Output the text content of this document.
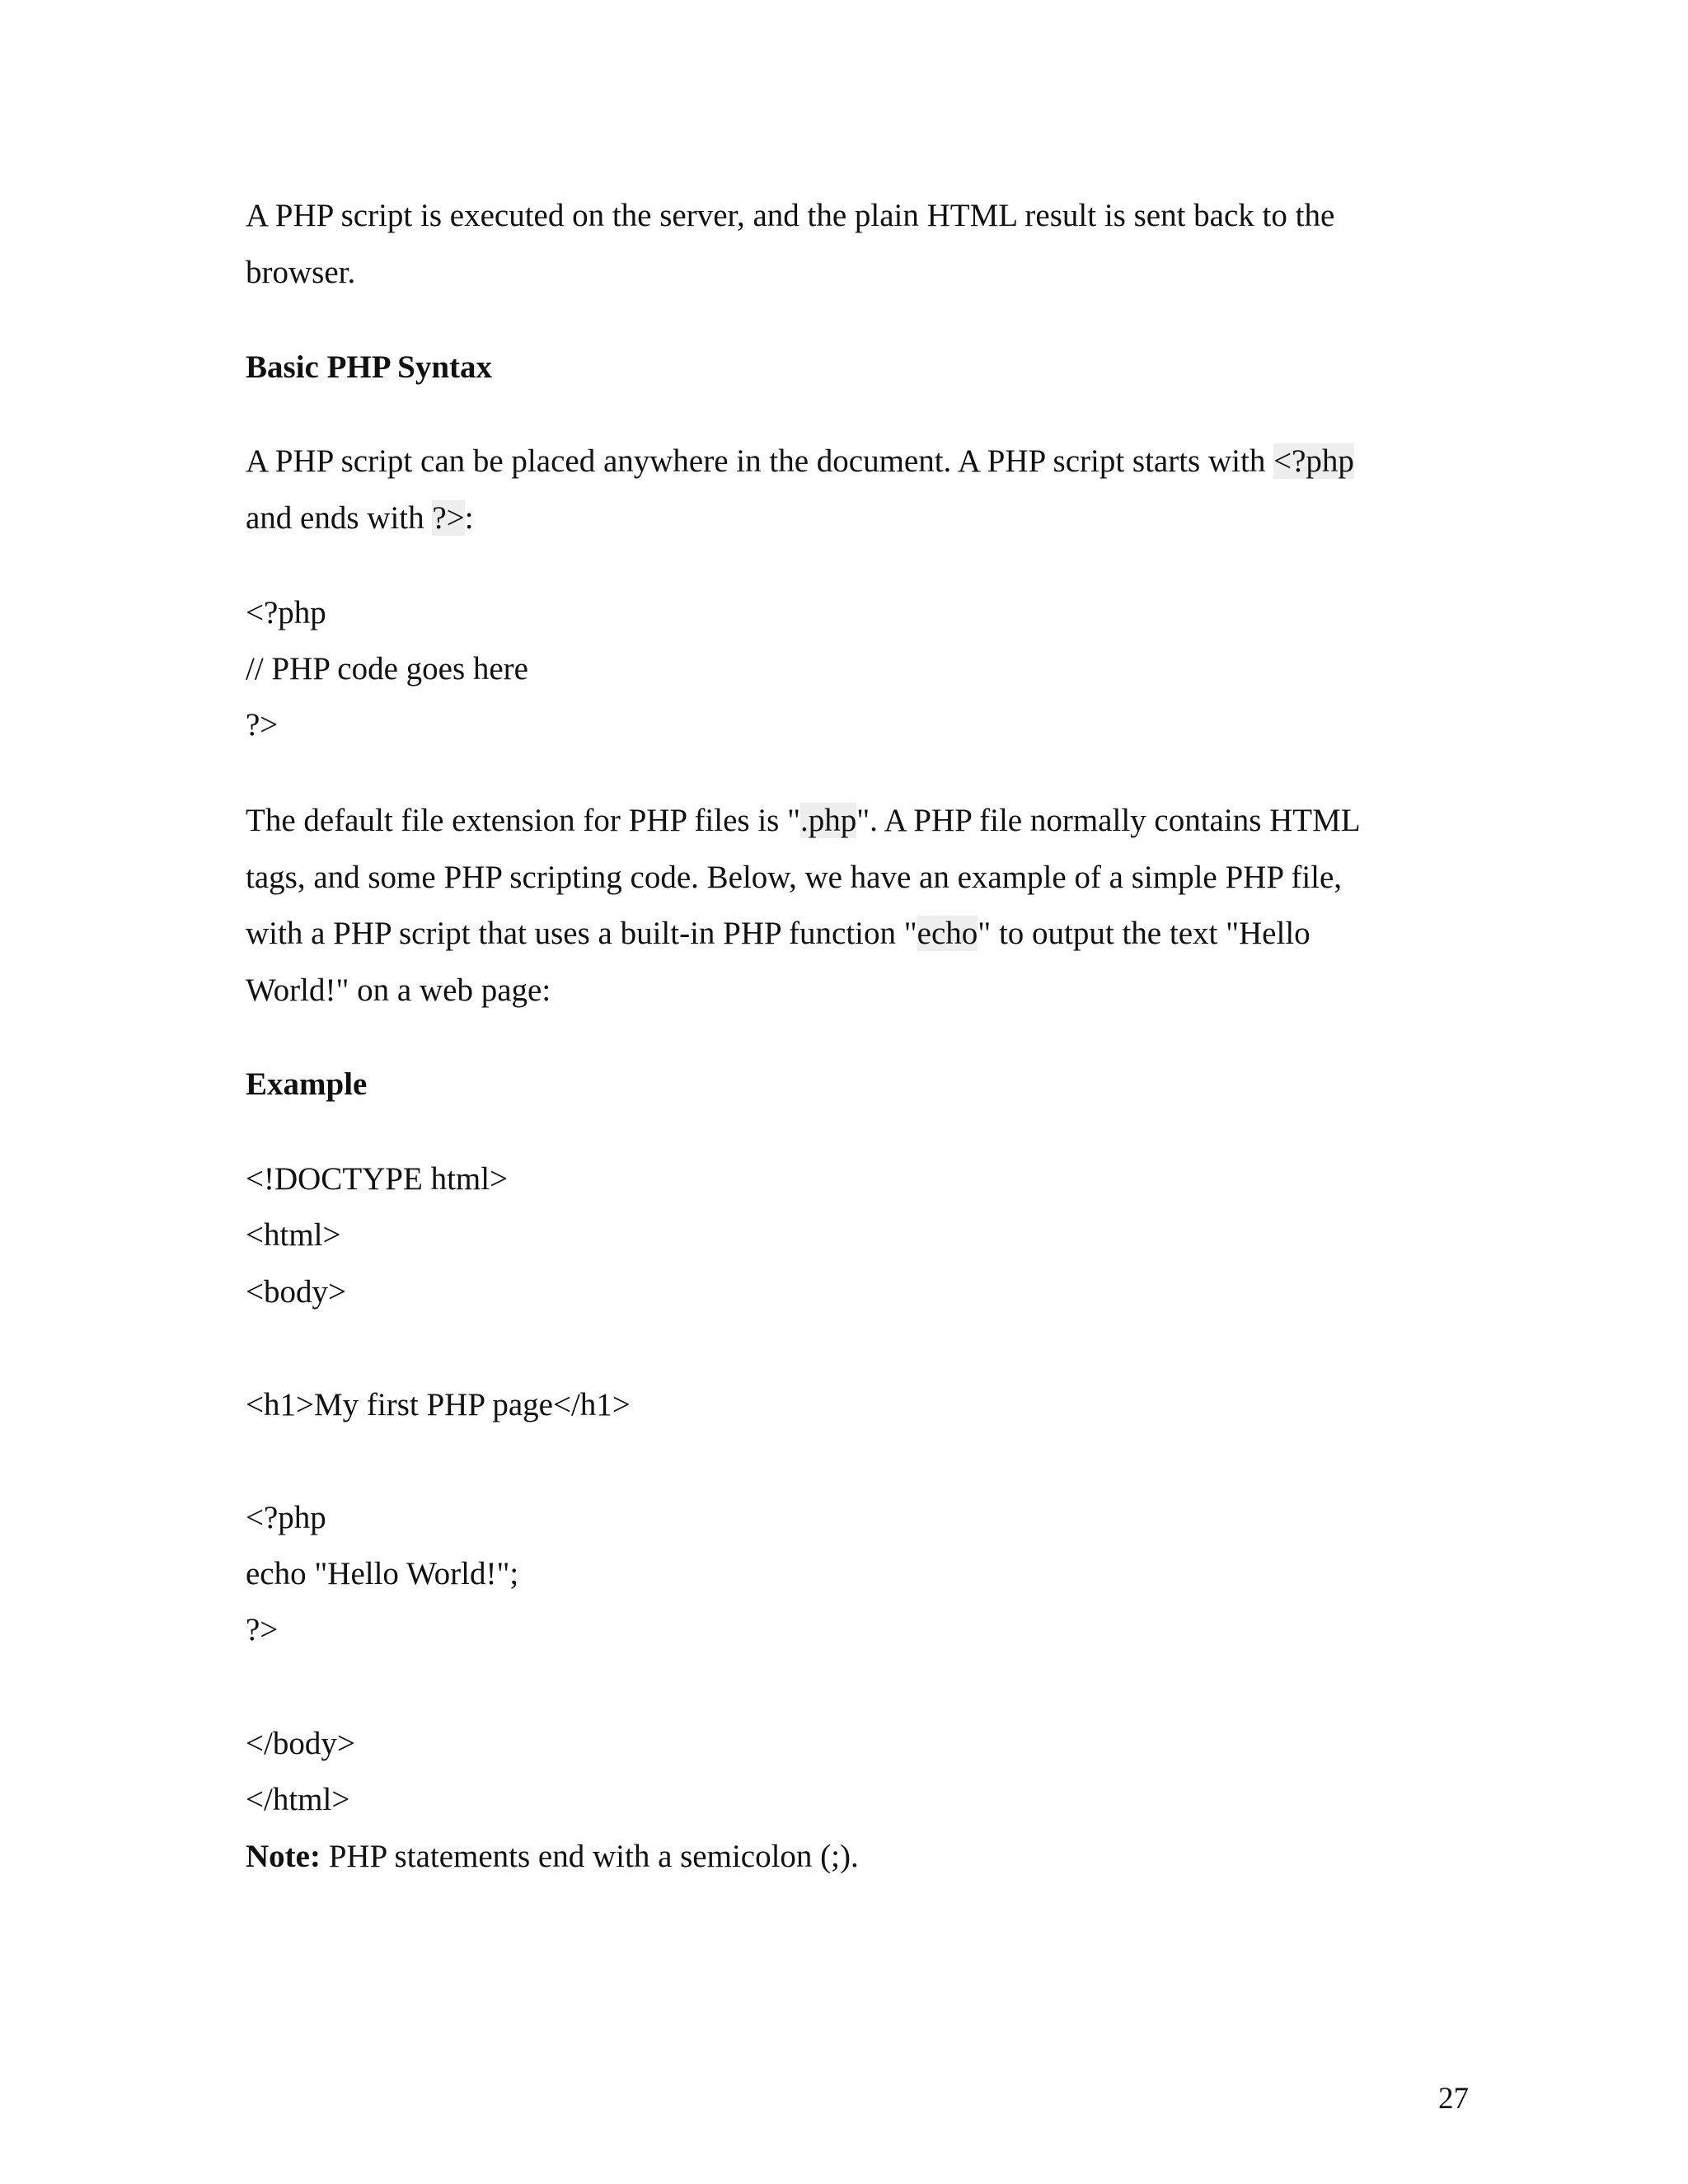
A PHP script is executed on the server, and the plain HTML result is sent back to the
browser.
Basic PHP Syntax
A PHP script can be placed anywhere in the document. A PHP script starts with <?php
and ends with ?>:
<?php
// PHP code goes here
?>
The default file extension for PHP files is ".php". A PHP file normally contains HTML
tags, and some PHP scripting code. Below, we have an example of a simple PHP file,
with a PHP script that uses a built-in PHP function "echo" to output the text "Hello
World!" on a web page:
Example
<!DOCTYPE html>
<html>
<body>
<h1>My first PHP page</h1>
<?php
echo "Hello World!";
?>
</body>
</html>
Note: PHP statements end with a semicolon (;).
27
